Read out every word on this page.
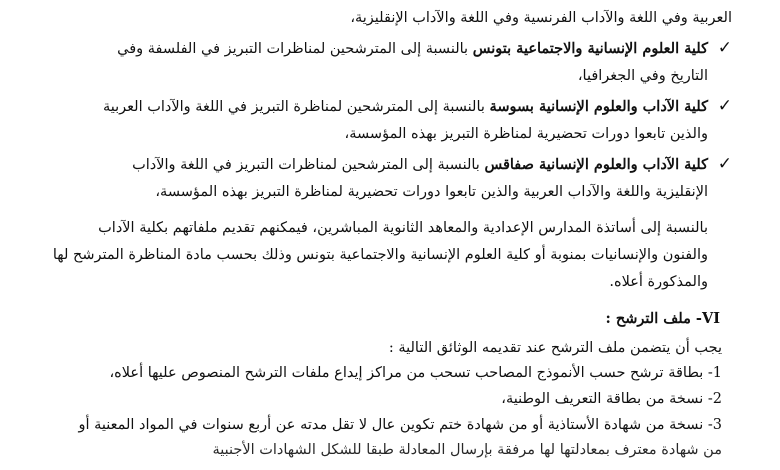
العربية وفي اللغة والآداب الفرنسية وفي اللغة والآداب الإنقليزية،

✓
كلية العلوم الإنسانية والاجتماعية بتونس بالنسبة إلى المترشحين لمناظرات التبريز في الفلسفة وفي

التاريخ وفي الجغرافيا،

✓
كلية الآداب والعلوم الإنسانية بسوسة بالنسبة إلى المترشحين لمناظرة التبريز في اللغة والآداب العربية

والذين تابعوا دورات تحضيرية لمناظرة التبريز بهذه المؤسسة،

✓
كلية الآداب والعلوم الإنسانية صفاقس بالنسبة إلى المترشحين لمناظرات التبريز في اللغة والآداب

الإنقليزية واللغة والآداب العربية والذين تابعوا دورات تحضيرية لمناظرة التبريز بهذه المؤسسة،

بالنسبة إلى أساتذة المدارس الإعدادية والمعاهد الثانوية المباشرين، فيمكنهم تقديم ملفاتهم بكلية الآداب

والفنون والإنسانيات بمنوبة أو كلية العلوم الإنسانية والاجتماعية بتونس وذلك بحسب مادة المناظرة المترشح لها

والمذكورة أعلاه.

VI- ملف الترشح :

يجب أن يتضمن ملف الترشح عند تقديمه الوثائق التالية :

1- بطاقة ترشح حسب الأنموذج المصاحب تسحب من مراكز إيداع ملفات الترشح المنصوص عليها أعلاه،

2- نسخة من بطاقة التعريف الوطنية،

3- نسخة من شهادة الأستاذية أو من شهادة ختم تكوين عال لا تقل مدته عن أربع سنوات في المواد المعنية أو

من شهادة معترف بمعادلتها لها مرفقة بإرسال المعادلة طبقا للشكل الشهادات الأجنبية
